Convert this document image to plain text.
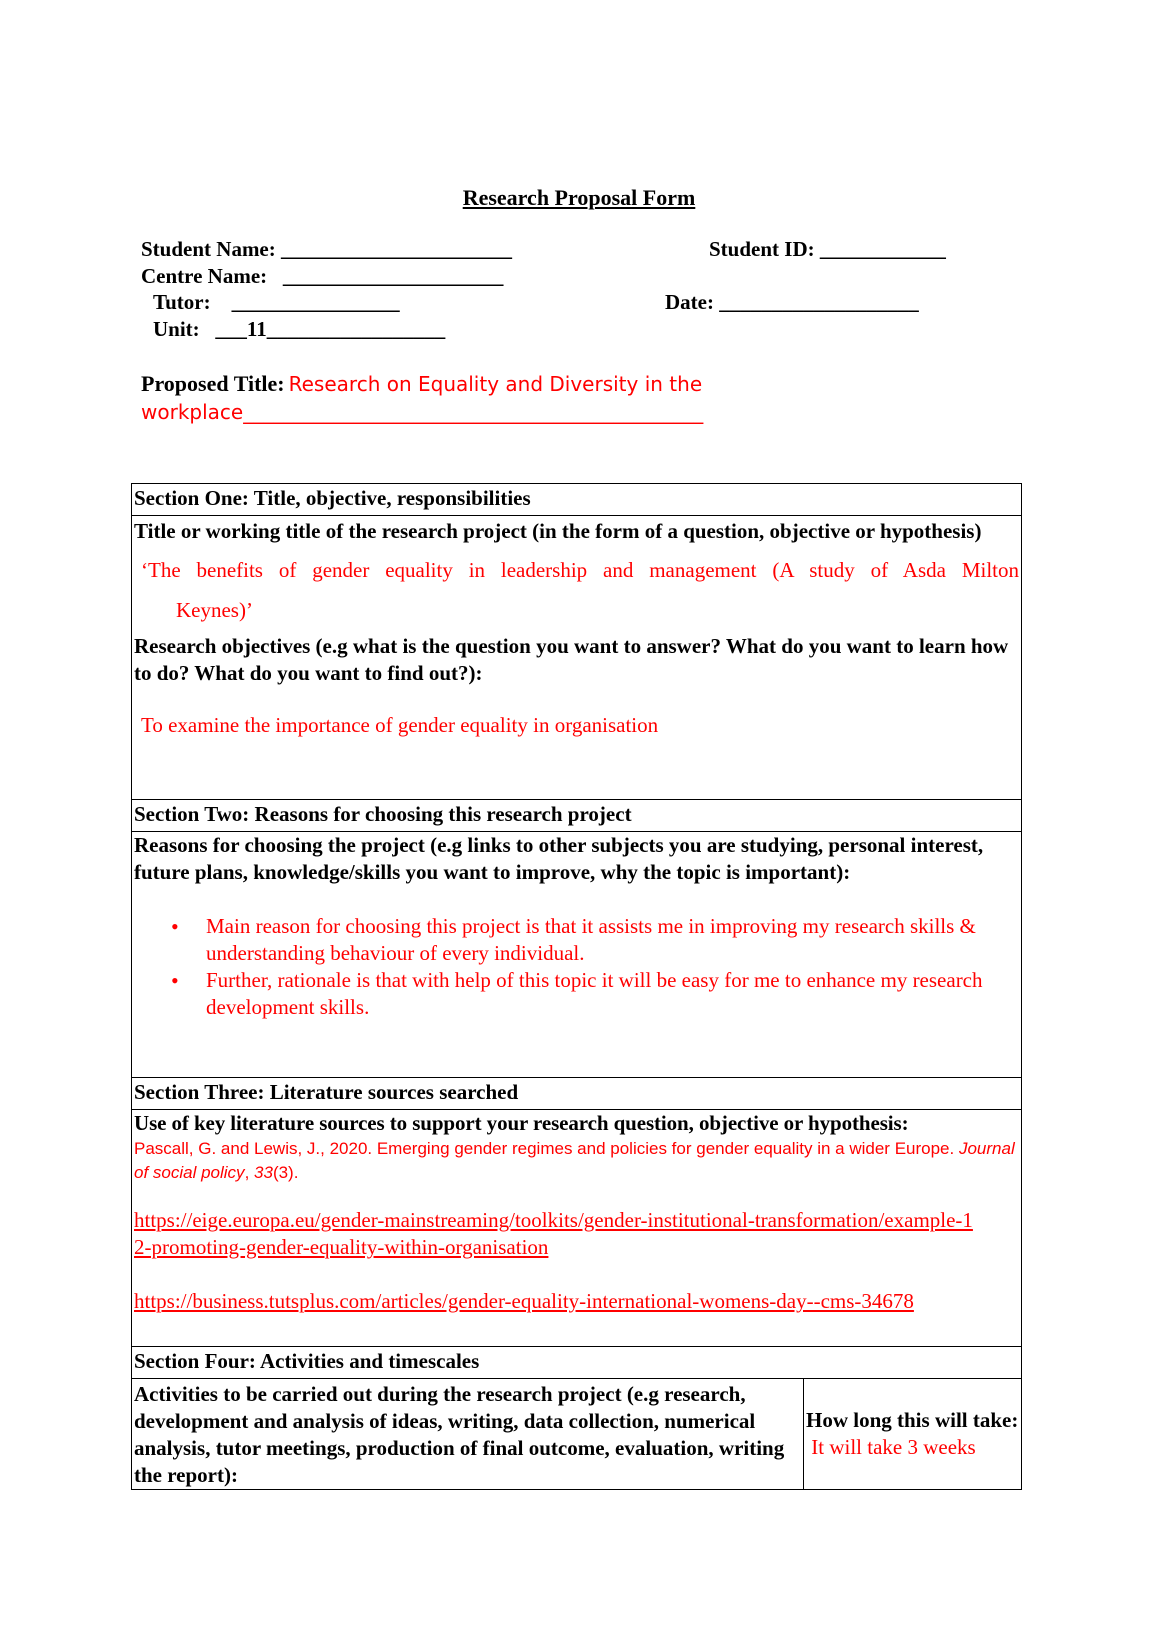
Research Proposal Form
Student Name: ______________________	Student ID: ____________
Centre Name:   _____________________
Tutor:    ________________	Date: ___________________
Unit:   ___11_________________
Proposed Title: Research on Equality and Diversity in the
workplace______________________________________________
Section One: Title, objective, responsibilities

Title or working title of the research project (in the form of a question, objective or hypothesis)
‘The benefits of gender equality in leadership and management (A study of Asda Milton
Keynes)’
Research objectives (e.g what is the question you want to answer? What do you want to learn how to do? What do you want to find out?):
To examine the importance of gender equality in organisation

Section Two: Reasons for choosing this research project

Reasons for choosing the project (e.g links to other subjects you are studying, personal interest, future plans, knowledge/skills you want to improve, why the topic is important):
• Main reason for choosing this project is that it assists me in improving my research skills & understanding behaviour of every individual.
• Further, rationale is that with help of this topic it will be easy for me to enhance my research development skills.

Section Three: Literature sources searched

Use of key literature sources to support your research question, objective or hypothesis:
Pascall, G. and Lewis, J., 2020. Emerging gender regimes and policies for gender equality in a wider Europe. Journal of social policy, 33(3).
https://eige.europa.eu/gender-mainstreaming/toolkits/gender-institutional-transformation/example-12-promoting-gender-equality-within-organisation
https://business.tutsplus.com/articles/gender-equality-international-womens-day--cms-34678

Section Four: Activities and timescales

Activities to be carried out during the research project (e.g research, development and analysis of ideas, writing, data collection, numerical analysis, tutor meetings, production of final outcome, evaluation, writing the report):

How long this will take:
It will take 3 weeks
